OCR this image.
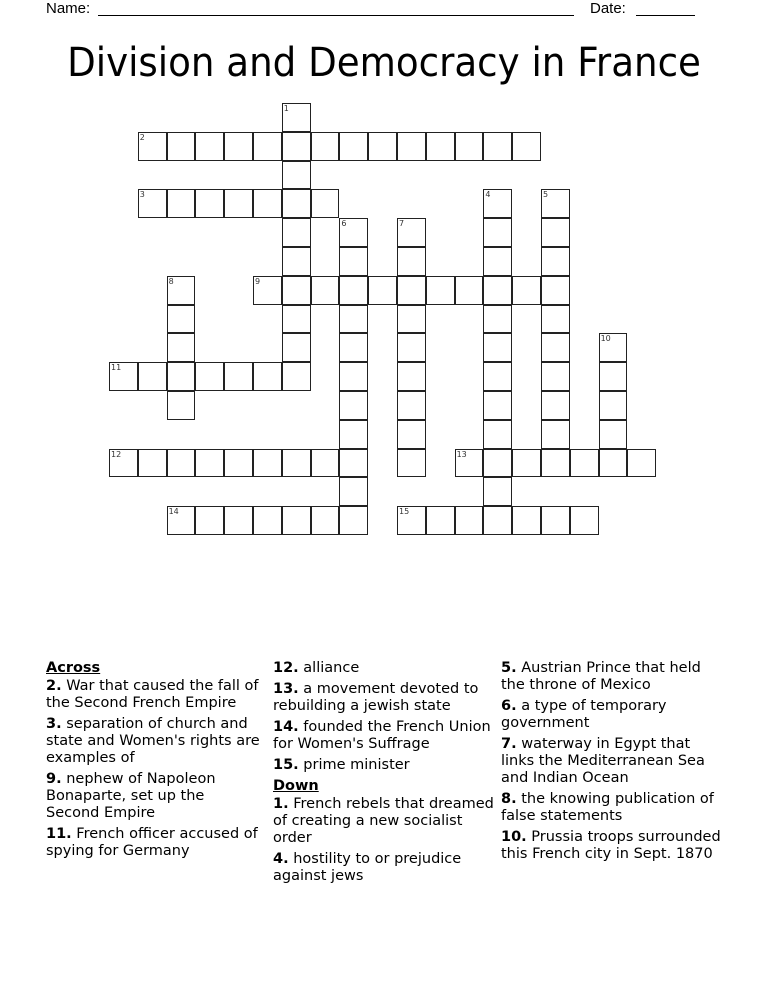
Name:	Date:
Division and Democracy in France
1
2
3	4	5
6	7
8	9
10
11
12	13
14	15
Across
2. War that caused the fall of the Second French Empire
3. separation of church and state and Women's rights are examples of
9. nephew of Napoleon Bonaparte, set up the Second Empire
11. French officer accused of spying for Germany
12. alliance
13. a movement devoted to rebuilding a jewish state
14. founded the French Union for Women's Suffrage
15. prime minister
Down
1. French rebels that dreamed of creating a new socialist order
4. hostility to or prejudice against jews
5. Austrian Prince that held the throne of Mexico
6. a type of temporary government
7. waterway in Egypt that links the Mediterranean Sea and Indian Ocean
8. the knowing publication of false statements
10. Prussia troops surrounded this French city in Sept. 1870
